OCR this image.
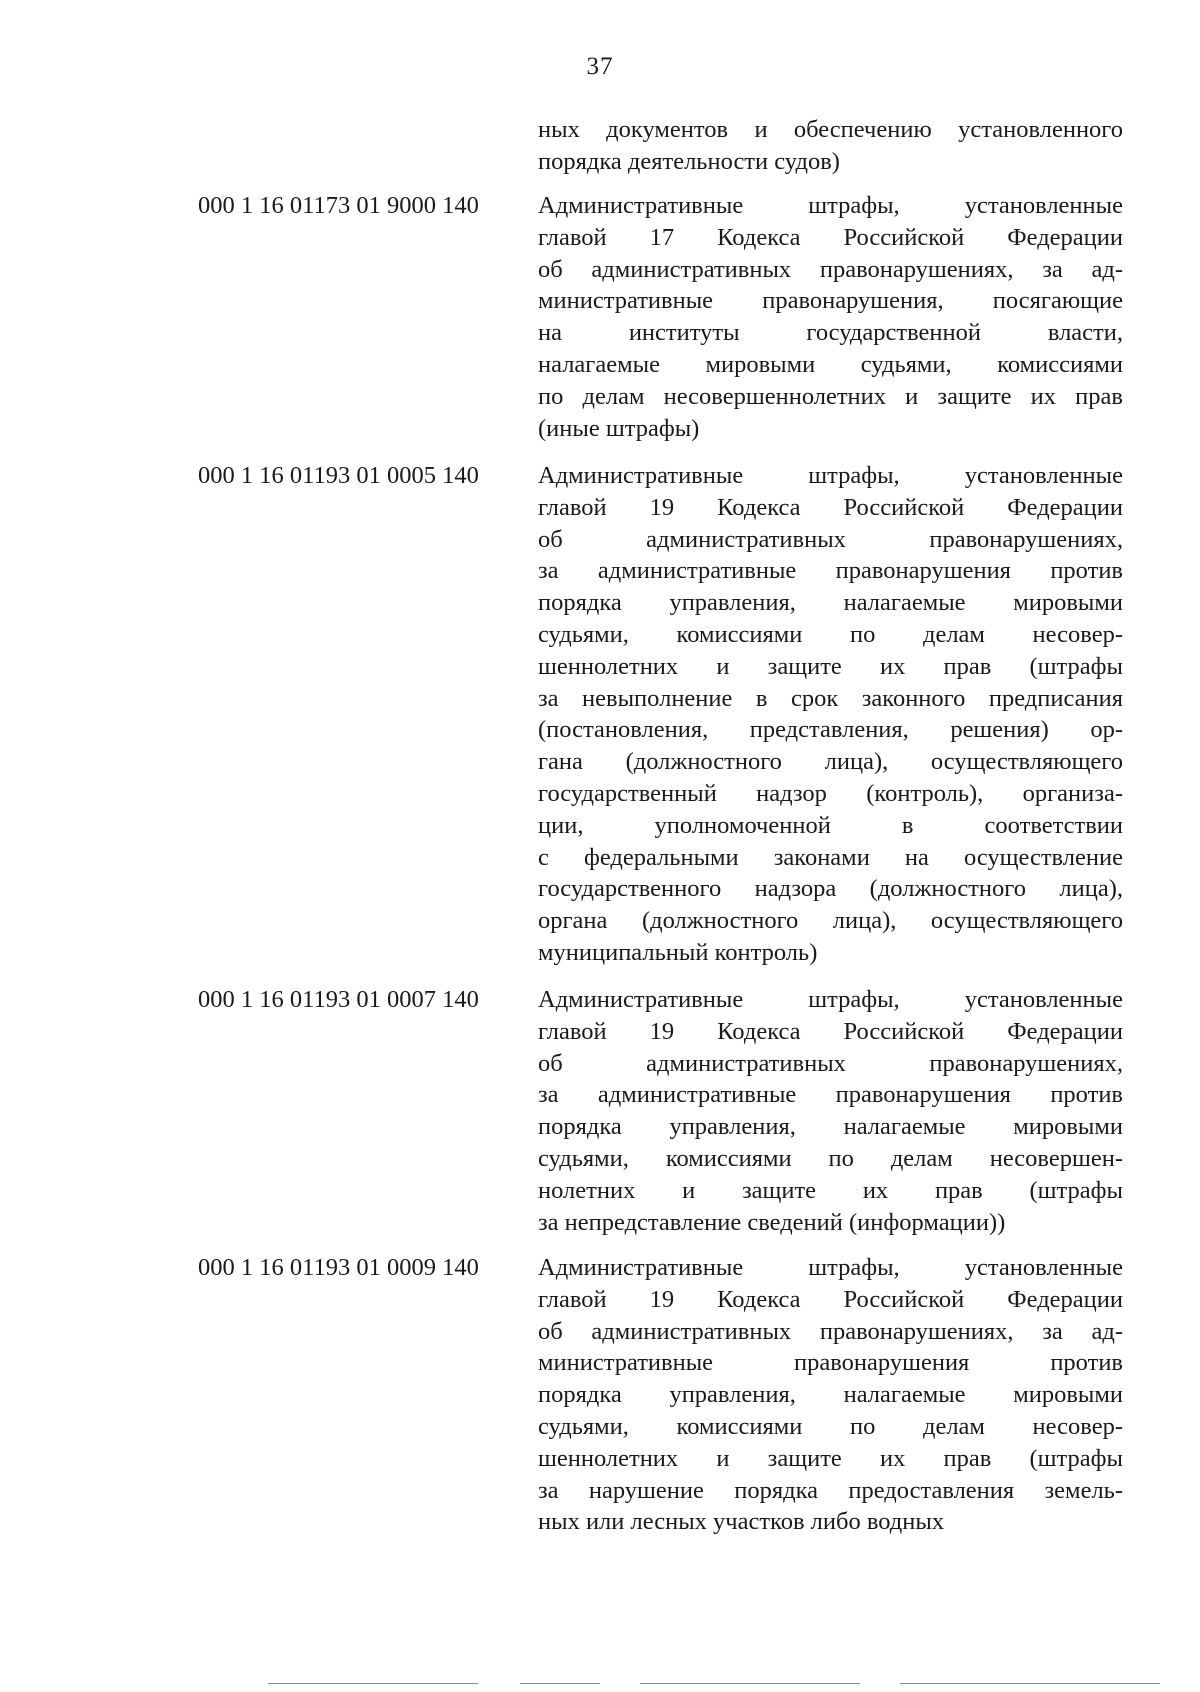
37
ных документов и обеспечению установленного
порядка деятельности судов)
000 1 16 01173 01 9000 140	Административные штрафы, установленные
главой 17 Кодекса Российской Федерации
об административных правонарушениях, за ад-
министративные правонарушения, посягающие
на институты государственной власти,
налагаемые мировыми судьями, комиссиями
по делам несовершеннолетних и защите их прав
(иные штрафы)
000 1 16 01193 01 0005 140	Административные штрафы, установленные
главой 19 Кодекса Российской Федерации
об административных правонарушениях,
за административные правонарушения против
порядка управления, налагаемые мировыми
судьями, комиссиями по делам несовер-
шеннолетних и защите их прав (штрафы
за невыполнение в срок законного предписания
(постановления, представления, решения) ор-
гана (должностного лица), осуществляющего
государственный надзор (контроль), организа-
ции, уполномоченной в соответствии
с федеральными законами на осуществление
государственного надзора (должностного лица),
органа (должностного лица), осуществляющего
муниципальный контроль)
000 1 16 01193 01 0007 140	Административные штрафы, установленные
главой 19 Кодекса Российской Федерации
об административных правонарушениях,
за административные правонарушения против
порядка управления, налагаемые мировыми
судьями, комиссиями по делам несовершен-
нолетних и защите их прав (штрафы
за непредставление сведений (информации))
000 1 16 01193 01 0009 140	Административные штрафы, установленные
главой 19 Кодекса Российской Федерации
об административных правонарушениях, за ад-
министративные правонарушения против
порядка управления, налагаемые мировыми
судьями, комиссиями по делам несовер-
шеннолетних и защите их прав (штрафы
за нарушение порядка предоставления земель-
ных или лесных участков либо водных
